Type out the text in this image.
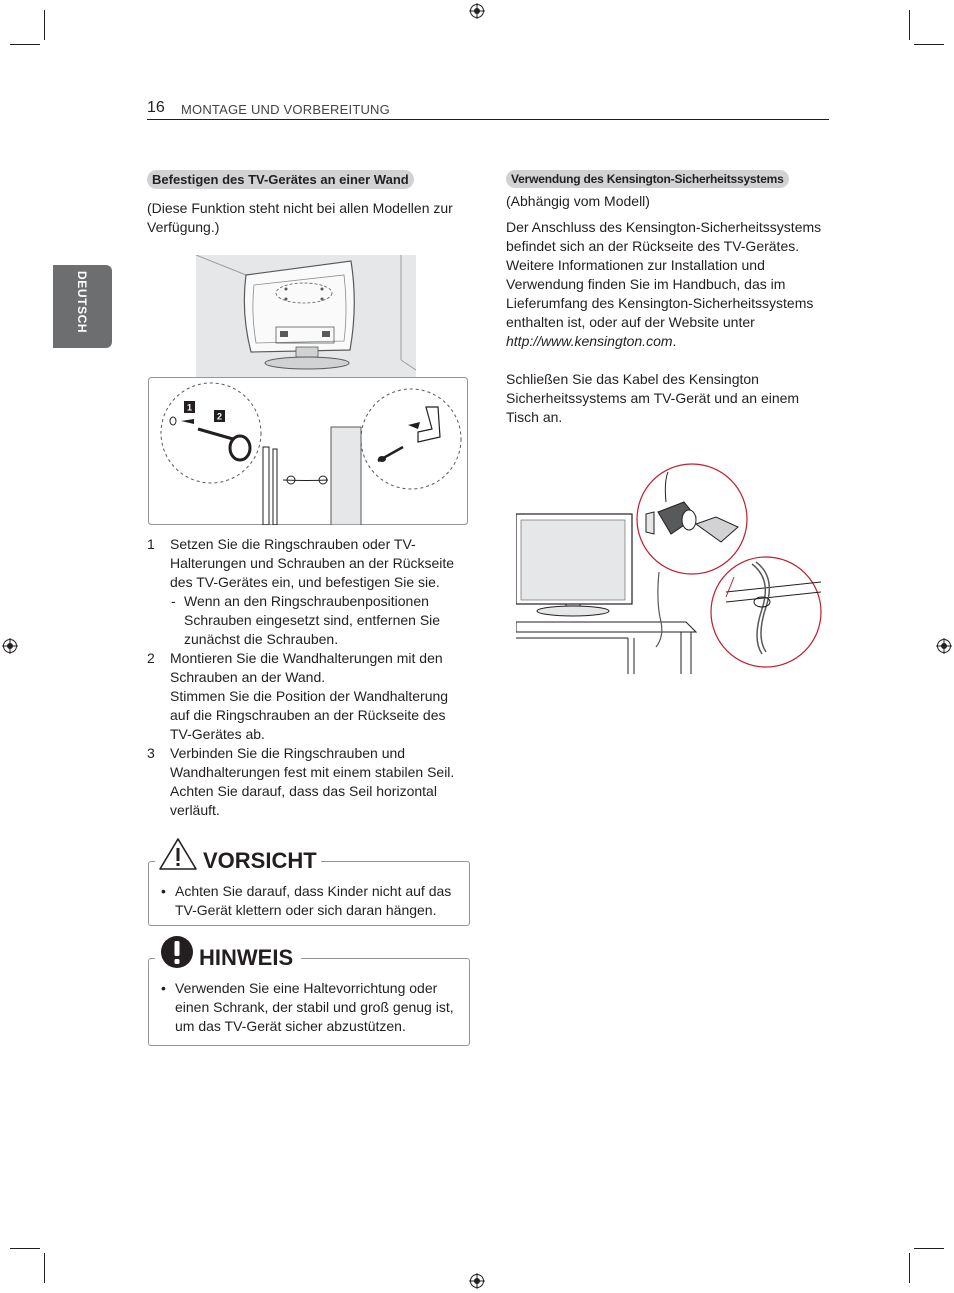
16 MONTAGE UND VORBEREITUNG
DEUTSCH
Befestigen des TV-Gerätes an einer Wand
(Diese Funktion steht nicht bei allen Modellen zur Verfügung.)
1
2

1 Setzen Sie die Ringschrauben oder TV-Halterungen und Schrauben an der Rückseite des TV-Gerätes ein, und befestigen Sie sie.

- Wenn an den Ringschraubenpositionen Schrauben eingesetzt sind, entfernen Sie zunächst die Schrauben.

2 Montieren Sie die Wandhalterungen mit den Schrauben an der Wand.
Stimmen Sie die Position der Wandhalterung auf die Ringschrauben an der Rückseite des TV-Gerätes ab.

3 Verbinden Sie die Ringschrauben und Wandhalterungen fest mit einem stabilen Seil.
Achten Sie darauf, dass das Seil horizontal verläuft.

• Achten Sie darauf, dass Kinder nicht auf das TV-Gerät klettern oder sich daran hängen.
VORSICHT
• Verwenden Sie eine Haltevorrichtung oder einen Schrank, der stabil und groß genug ist, um das TV-Gerät sicher abzustützen.
HINWEIS
Verwendung des Kensington-Sicherheitssystems

(Abhängig vom Modell)

Der Anschluss des Kensington-Sicherheitssystems befindet sich an der Rückseite des TV-Gerätes. Weitere Informationen zur Installation und Verwendung finden Sie im Handbuch, das im Lieferumfang des Kensington-Sicherheitssystems enthalten ist, oder auf der Website unter
http://www.kensington.com.

Schließen Sie das Kabel des Kensington Sicherheitssystems am TV-Gerät und an einem Tisch an.
